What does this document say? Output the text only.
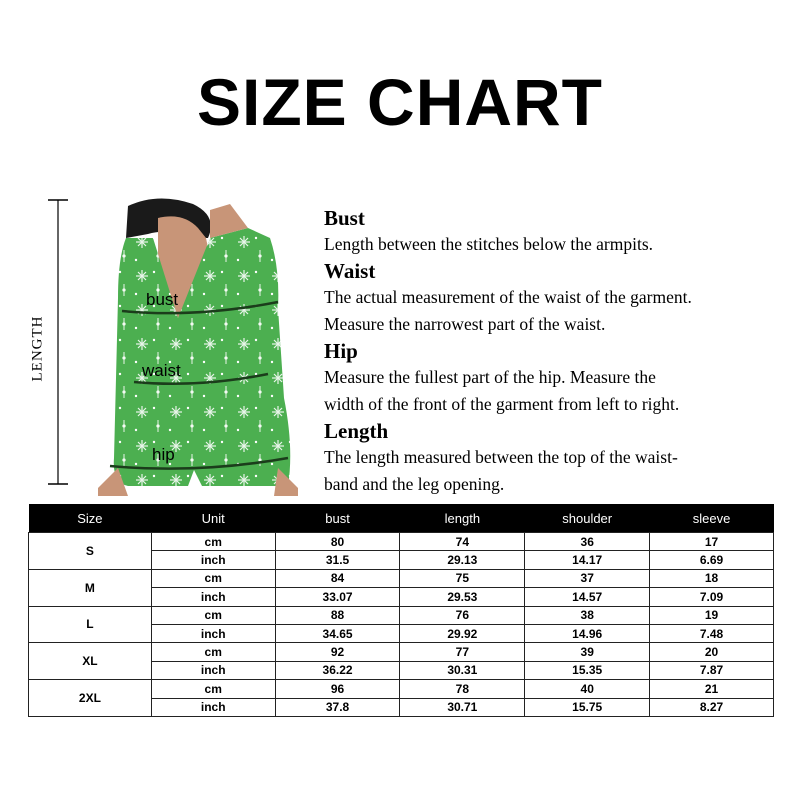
SIZE CHART
LENGTH
bust
waist
hip
Bust
Length between the stitches below the armpits.
Waist
The actual measurement of the waist of the garment.
Measure the narrowest part of the waist.
Hip
Measure the fullest part of the hip. Measure the
width of the front of the garment from left to right.
Length
The length measured between the top of the waist-
band and the leg opening.
Size	Unit	bust	length	shoulder	sleeve
S	cm	80	74	36	17
	inch	31.5	29.13	14.17	6.69
M	cm	84	75	37	18
	inch	33.07	29.53	14.57	7.09
L	cm	88	76	38	19
	inch	34.65	29.92	14.96	7.48
XL	cm	92	77	39	20
	inch	36.22	30.31	15.35	7.87
2XL	cm	96	78	40	21
	inch	37.8	30.71	15.75	8.27
